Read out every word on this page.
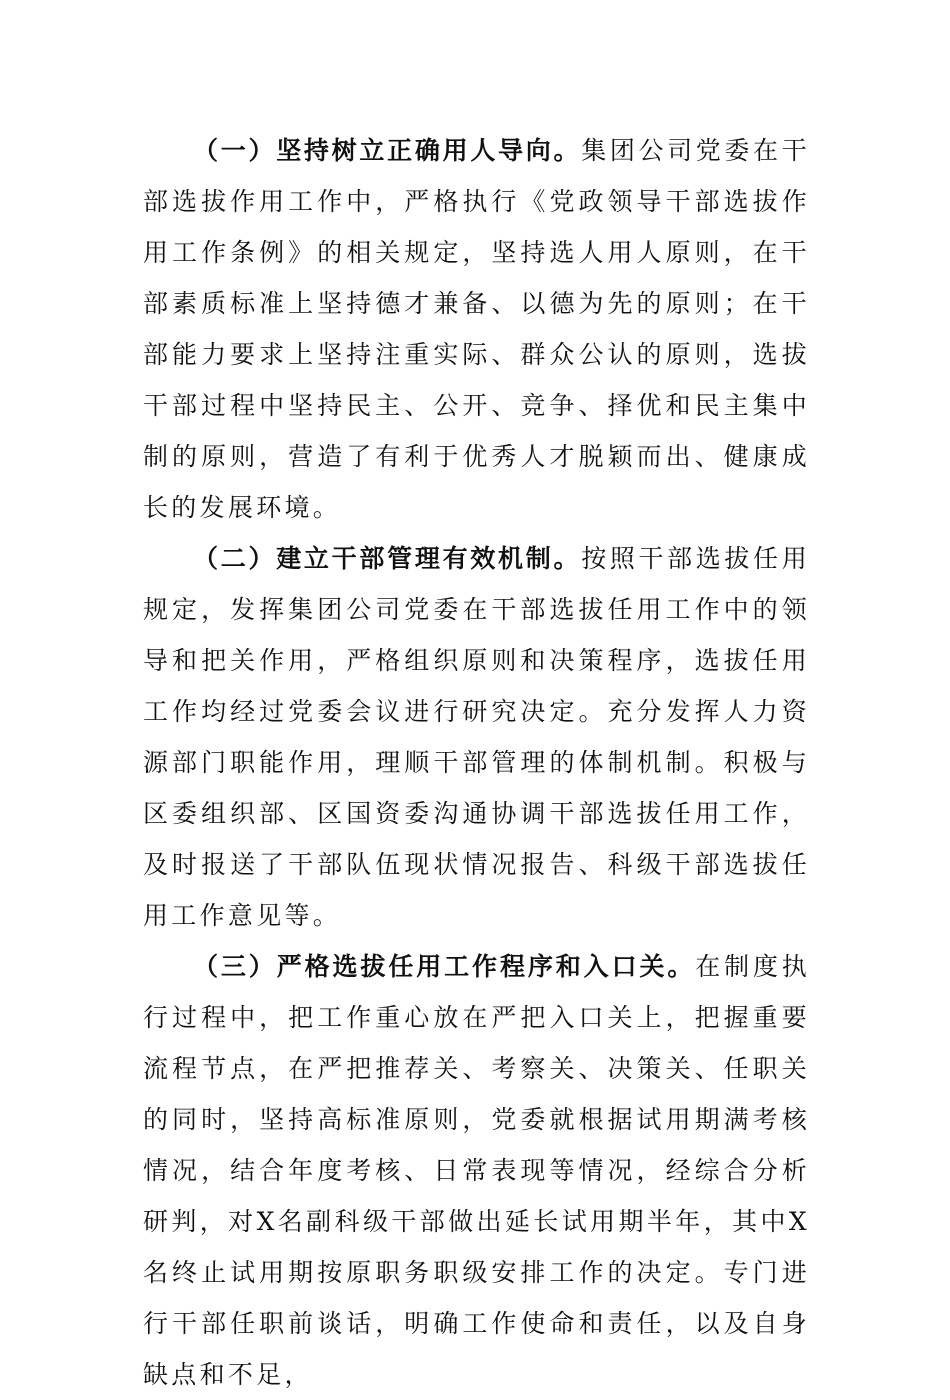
（一）坚持树立正确用人导向。集团公司党委在干部选拔作用工作中，严格执行《党政领导干部选拔作用工作条例》的相关规定，坚持选人用人原则，在干部素质标准上坚持德才兼备、以德为先的原则；在干部能力要求上坚持注重实际、群众公认的原则，选拔干部过程中坚持民主、公开、竞争、择优和民主集中制的原则，营造了有利于优秀人才脱颖而出、健康成长的发展环境。

（二）建立干部管理有效机制。按照干部选拔任用规定，发挥集团公司党委在干部选拔任用工作中的领导和把关作用，严格组织原则和决策程序，选拔任用工作均经过党委会议进行研究决定。充分发挥人力资源部门职能作用，理顺干部管理的体制机制。积极与区委组织部、区国资委沟通协调干部选拔任用工作，及时报送了干部队伍现状情况报告、科级干部选拔任用工作意见等。

（三）严格选拔任用工作程序和入口关。在制度执行过程中，把工作重心放在严把入口关上，把握重要流程节点，在严把推荐关、考察关、决策关、任职关的同时，坚持高标准原则，党委就根据试用期满考核情况，结合年度考核、日常表现等情况，经综合分析研判，对X名副科级干部做出延长试用期半年，其中X名终止试用期按原职务职级安排工作的决定。专门进行干部任职前谈话，明确工作使命和责任，以及自身缺点和不足，
